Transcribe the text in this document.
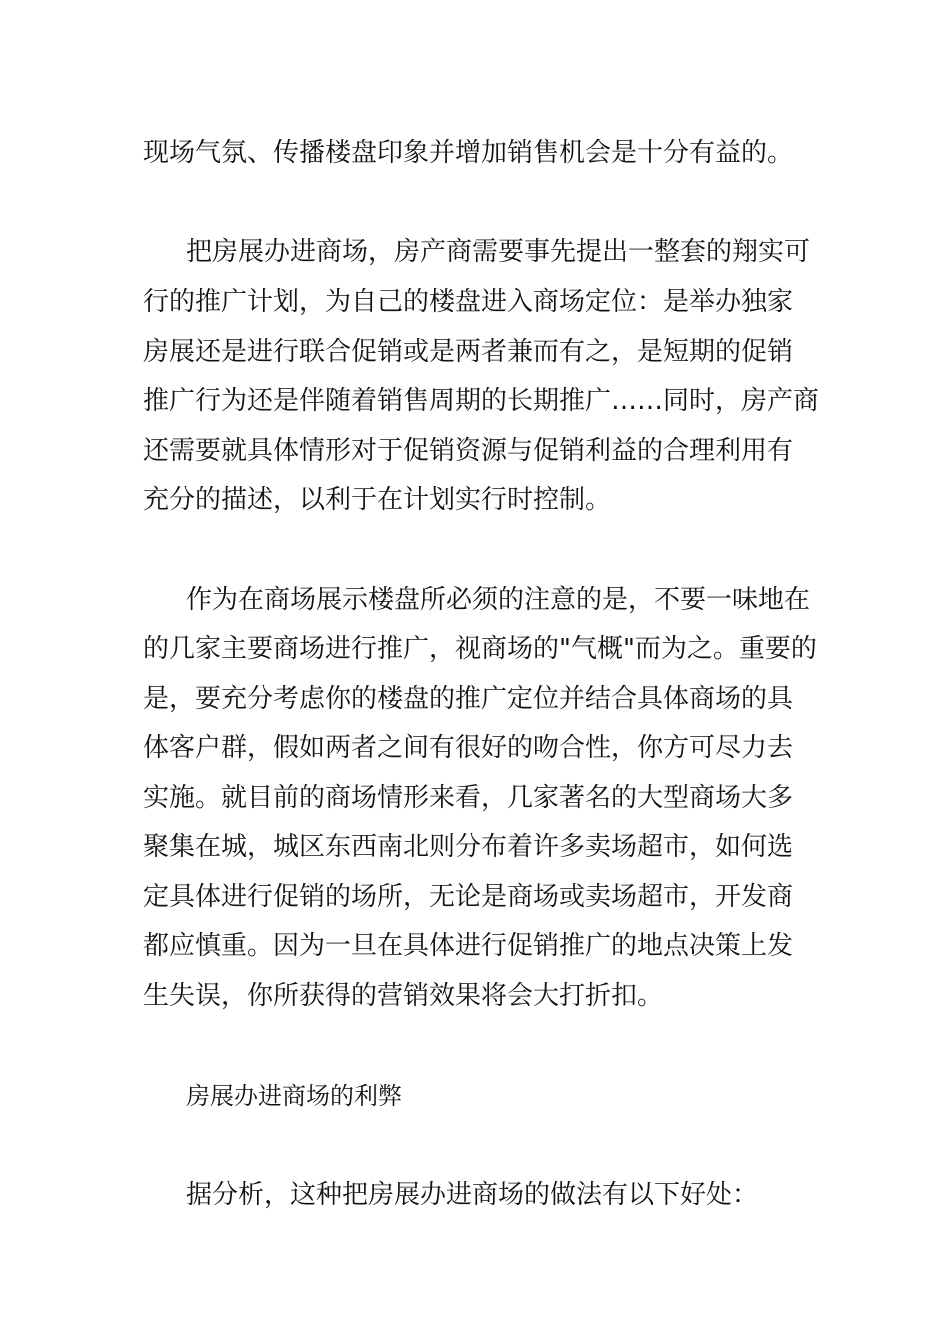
现场气氛、传播楼盘印象并增加销售机会是十分有益的。
把房展办进商场，房产商需要事先提出一整套的翔实可
行的推广计划，为自己的楼盘进入商场定位：是举办独家
房展还是进行联合促销或是两者兼而有之，是短期的促销
推广行为还是伴随着销售周期的长期推广……同时，房产商
还需要就具体情形对于促销资源与促销利益的合理利用有
充分的描述，以利于在计划实行时控制。
作为在商场展示楼盘所必须的注意的是，不要一味地在
的几家主要商场进行推广，视商场的"气概"而为之。重要的
是，要充分考虑你的楼盘的推广定位并结合具体商场的具
体客户群，假如两者之间有很好的吻合性，你方可尽力去
实施。就目前的商场情形来看，几家著名的大型商场大多
聚集在城，城区东西南北则分布着许多卖场超市，如何选
定具体进行促销的场所，无论是商场或卖场超市，开发商
都应慎重。因为一旦在具体进行促销推广的地点决策上发
生失误，你所获得的营销效果将会大打折扣。
房展办进商场的利弊
据分析，这种把房展办进商场的做法有以下好处：
